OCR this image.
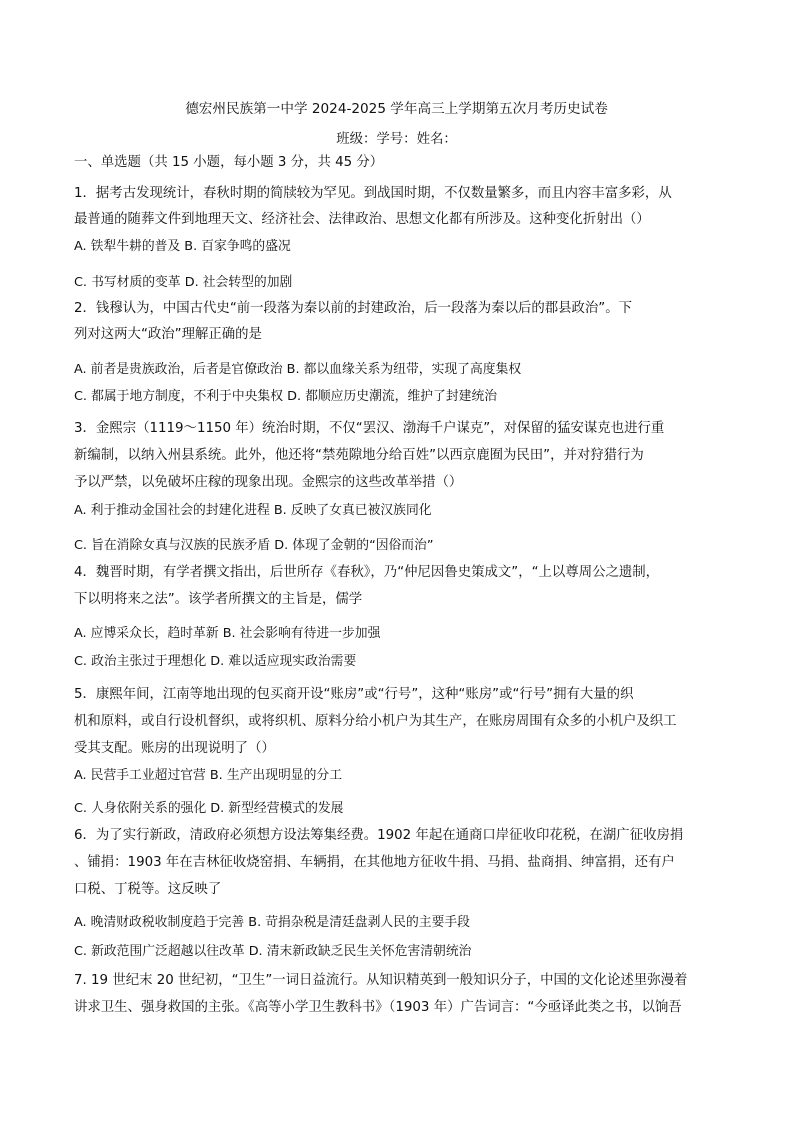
德宏州民族第一中学 2024-2025 学年高三上学期第五次月考历史试卷
班级：学号：姓名：
一、单选题（共 15 小题，每小题 3 分，共 45 分）
1．据考古发现统计，春秋时期的简牍较为罕见。到战国时期，不仅数量繁多，而且内容丰富多彩，从
最普通的随葬文件到地理天文、经济社会、法律政治、思想文化都有所涉及。这种变化折射出（）
A. 铁犁牛耕的普及 B. 百家争鸣的盛况
C. 书写材质的变革 D. 社会转型的加剧
2．钱穆认为，中国古代史“前一段落为秦以前的封建政治，后一段落为秦以后的郡县政治”。下
列对这两大“政治”理解正确的是
A. 前者是贵族政治，后者是官僚政治 B. 都以血缘关系为纽带，实现了高度集权
C. 都属于地方制度，不利于中央集权 D. 都顺应历史潮流，维护了封建统治
3．金熙宗（1119～1150 年）统治时期，不仅“罢汉、渤海千户谋克”，对保留的猛安谋克也进行重
新编制，以纳入州县系统。此外，他还将“禁苑隙地分给百姓”以西京鹿囿为民田”，并对狩猎行为
予以严禁，以免破坏庄稼的现象出现。金熙宗的这些改革举措（）
A. 利于推动金国社会的封建化进程 B. 反映了女真已被汉族同化
C. 旨在消除女真与汉族的民族矛盾 D. 体现了金朝的“因俗而治”
4．魏晋时期，有学者撰文指出，后世所存《春秋》，乃“仲尼因鲁史策成文”，“上以尊周公之遗制，
下以明将来之法”。该学者所撰文的主旨是，儒学
A. 应博采众长，趋时革新 B. 社会影响有待进一步加强
C. 政治主张过于理想化 D. 难以适应现实政治需要
5．康熙年间，江南等地出现的包买商开设“账房”或“行号”，这种“账房”或“行号”拥有大量的织
机和原料，或自行设机督织，或将织机、原料分给小机户为其生产，在账房周围有众多的小机户及织工
受其支配。账房的出现说明了（）
A. 民营手工业超过官营 B. 生产出现明显的分工
C. 人身依附关系的强化 D. 新型经营模式的发展
6．为了实行新政，清政府必须想方设法筹集经费。1902 年起在通商口岸征收印花税，在湖广征收房捐
、铺捐：1903 年在吉林征收烧窑捐、车辆捐，在其他地方征收牛捐、马捐、盐商捐、绅富捐，还有户
口税、丁税等。这反映了
A. 晚清财政税收制度趋于完善 B. 苛捐杂税是清廷盘剥人民的主要手段
C. 新政范围广泛超越以往改革 D. 清末新政缺乏民生关怀危害清朝统治
7. 19 世纪末 20 世纪初，“卫生”一词日益流行。从知识精英到一般知识分子，中国的文化论述里弥漫着
讲求卫生、强身救国的主张。《高等小学卫生教科书》（1903 年）广告词言：“今亟译此类之书，以饷吾
